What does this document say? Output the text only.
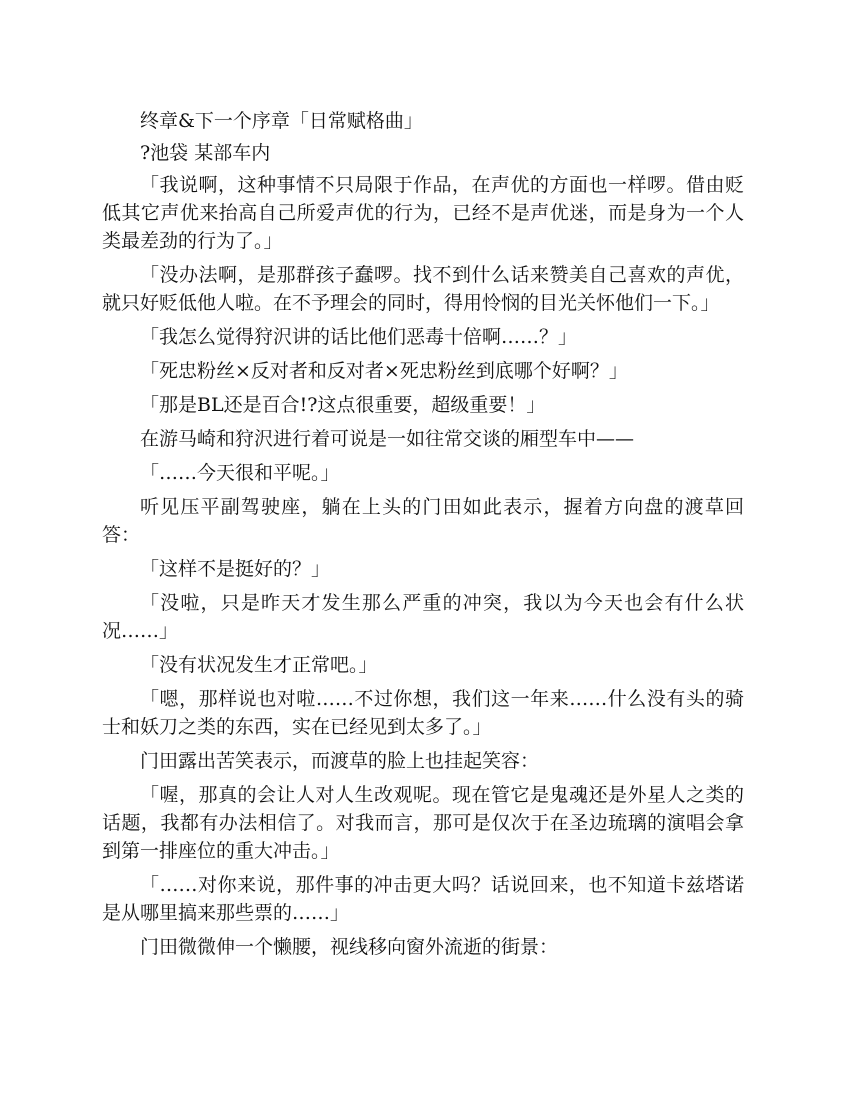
终章&下一个序章「日常赋格曲」

?池袋 某部车内

「我说啊，这种事情不只局限于作品，在声优的方面也一样啰。借由贬低其它声优来抬高自己所爱声优的行为，已经不是声优迷，而是身为一个人类最差劲的行为了。」

「没办法啊，是那群孩子蠢啰。找不到什么话来赞美自己喜欢的声优，就只好贬低他人啦。在不予理会的同时，得用怜悯的目光关怀他们一下。」

「我怎么觉得狩沢讲的话比他们恶毒十倍啊……？」

「死忠粉丝×反对者和反对者×死忠粉丝到底哪个好啊？」

「那是BL还是百合!?这点很重要，超级重要！」

在游马崎和狩沢进行着可说是一如往常交谈的厢型车中——

「……今天很和平呢。」

听见压平副驾驶座，躺在上头的门田如此表示，握着方向盘的渡草回答：

「这样不是挺好的？」

「没啦，只是昨天才发生那么严重的冲突，我以为今天也会有什么状况……」

「没有状况发生才正常吧。」

「嗯，那样说也对啦……不过你想，我们这一年来……什么没有头的骑士和妖刀之类的东西，实在已经见到太多了。」

门田露出苦笑表示，而渡草的脸上也挂起笑容：

「喔，那真的会让人对人生改观呢。现在管它是鬼魂还是外星人之类的话题，我都有办法相信了。对我而言，那可是仅次于在圣边琉璃的演唱会拿到第一排座位的重大冲击。」

「……对你来说，那件事的冲击更大吗？话说回来，也不知道卡兹塔诺是从哪里搞来那些票的……」

门田微微伸一个懒腰，视线移向窗外流逝的街景：
